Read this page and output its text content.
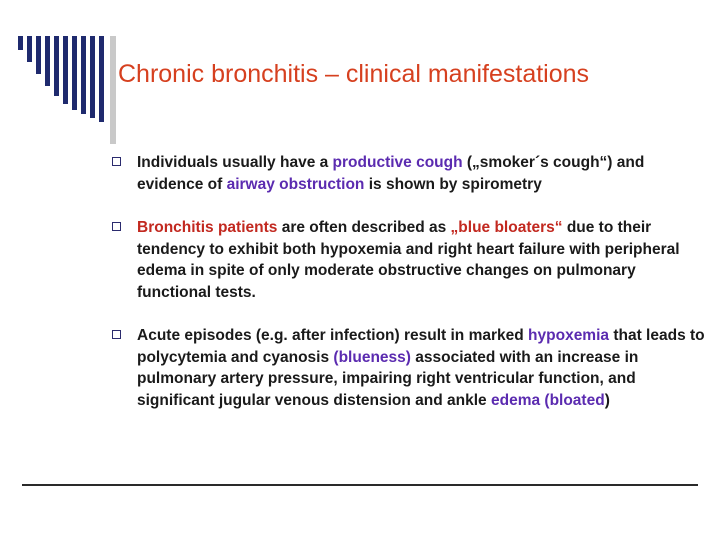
Chronic bronchitis – clinical manifestations
Individuals usually have a productive cough („smoker´s cough“) and evidence of airway obstruction is shown by spirometry
Bronchitis patients are often described as „blue bloaters“ due to their tendency to exhibit both hypoxemia and right heart failure with peripheral edema in spite of only moderate obstructive changes on pulmonary functional tests.
Acute episodes (e.g. after infection) result in marked hypoxemia that leads to polycytemia and cyanosis (blueness) associated with an increase in pulmonary artery pressure, impairing right ventricular function, and significant jugular venous distension and ankle edema (bloated)
